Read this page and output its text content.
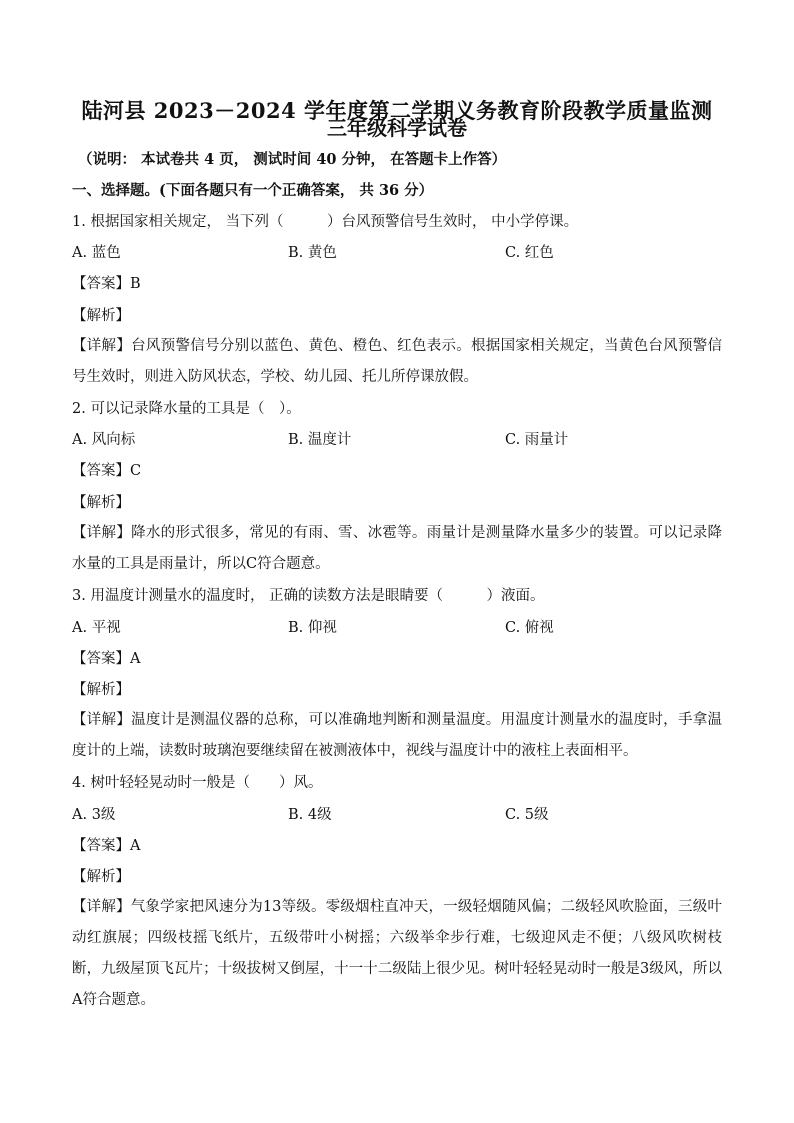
陆河县 2023－2024 学年度第二学期义务教育阶段教学质量监测
三年级科学试卷
（说明： 本试卷共 4 页， 测试时间 40 分钟， 在答题卡上作答）
一、选择题。(下面各题只有一个正确答案， 共 36 分）
1. 根据国家相关规定， 当下列（　　　）台风预警信号生效时， 中小学停课。
A. 蓝色	B. 黄色	C. 红色
【答案】B
【解析】
【详解】台风预警信号分别以蓝色、黄色、橙色、红色表示。根据国家相关规定，当黄色台风预警信号生效时，则进入防风状态，学校、幼儿园、托儿所停课放假。
2. 可以记录降水量的工具是（　）。
A. 风向标	B. 温度计	C. 雨量计
【答案】C
【解析】
【详解】降水的形式很多，常见的有雨、雪、冰雹等。雨量计是测量降水量多少的装置。可以记录降水量的工具是雨量计，所以C符合题意。
3. 用温度计测量水的温度时， 正确的读数方法是眼睛要（　　　）液面。
A. 平视	B. 仰视	C. 俯视
【答案】A
【解析】
【详解】温度计是测温仪器的总称，可以准确地判断和测量温度。用温度计测量水的温度时，手拿温度计的上端，读数时玻璃泡要继续留在被测液体中，视线与温度计中的液柱上表面相平。
4. 树叶轻轻晃动时一般是（　　）风。
A. 3级	B. 4级	C. 5级
【答案】A
【解析】
【详解】气象学家把风速分为13等级。零级烟柱直冲天，一级轻烟随风偏；二级轻风吹脸面，三级叶动红旗展；四级枝摇飞纸片，五级带叶小树摇；六级举伞步行难，七级迎风走不便；八级风吹树枝断，九级屋顶飞瓦片；十级拔树又倒屋，十一十二级陆上很少见。树叶轻轻晃动时一般是3级风，所以A符合题意。
